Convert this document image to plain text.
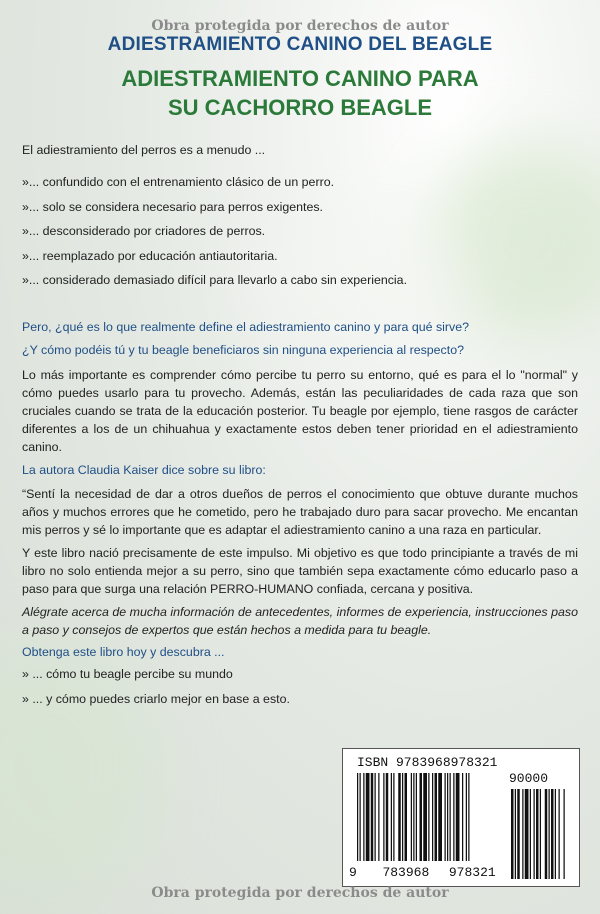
Obra protegida por derechos de autor
ADIESTRAMIENTO CANINO DEL BEAGLE
ADIESTRAMIENTO CANINO PARA
SU CACHORRO BEAGLE

El adiestramiento del perros es a menudo ...

»... confundido con el entrenamiento clásico de un perro.
»... solo se considera necesario para perros exigentes.
»... desconsiderado por criadores de perros.
»... reemplazado por educación antiautoritaria.
»... considerado demasiado difícil para llevarlo a cabo sin experiencia.

Pero, ¿qué es lo que realmente define el adiestramiento canino y para qué sirve?

¿Y cómo podéis tú y tu beagle beneficiaros sin ninguna experiencia al respecto?

Lo más importante es comprender cómo percibe tu perro su entorno, qué es para el lo "normal" y cómo puedes usarlo para tu provecho. Además, están las peculiaridades de cada raza que son cruciales cuando se trata de la educación posterior. Tu beagle por ejemplo, tiene rasgos de carácter diferentes a los de un chihuahua y exactamente estos deben tener prioridad en el adiestramiento canino.

La autora Claudia Kaiser dice sobre su libro:

“Sentí la necesidad de dar a otros dueños de perros el conocimiento que obtuve durante muchos años y muchos errores que he cometido, pero he trabajado duro para sacar provecho. Me encantan mis perros y sé lo importante que es adaptar el adiestramiento canino a una raza en particular.

Y este libro nació precisamente de este impulso. Mi objetivo es que todo principiante a través de mi libro no solo entienda mejor a su perro, sino que también sepa exactamente cómo educarlo paso a paso para que surga una relación PERRO-HUMANO confiada, cercana y positiva.

Alégrate acerca de mucha información de antecedentes, informes de experiencia, instrucciones paso a paso y consejos de expertos que están hechos a medida para tu beagle.

Obtenga este libro hoy y descubra ...

» ... cómo tu beagle percibe su mundo
» ... y cómo puedes criarlo mejor en base a esto.
ISBN 9783968978321
90000
9 783968 978321
Obra protegida por derechos de autor
